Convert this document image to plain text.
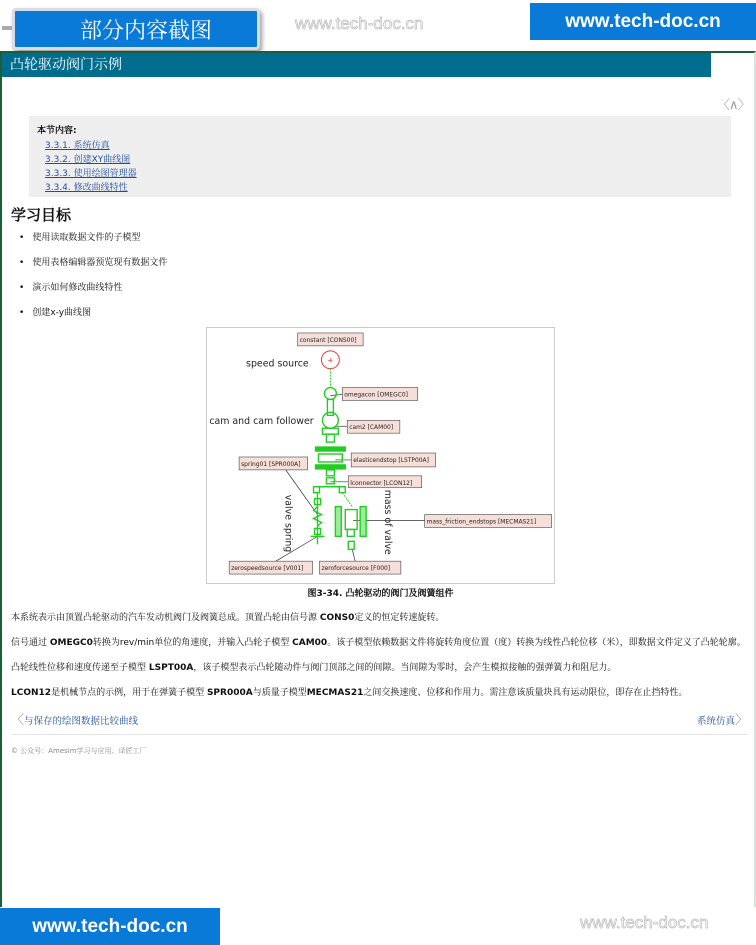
部分内容截图	www.tech-doc.cn	www.tech-doc.cn
凸轮驱动阀门示例
〈∧〉
本节内容:
3.3.1. 系统仿真
3.3.2. 创建XY曲线图
3.3.3. 使用绘图管理器
3.3.4. 修改曲线特性
学习目标
• 使用读取数据文件的子模型
• 使用表格编辑器预览现有数据文件
• 演示如何修改曲线特性
• 创建x-y曲线图
+
constant [CONS00]
omegacon [OMEGC0]
cam2 [CAM00]
elasticendstop [LSTP00A]
spring01 [SPR000A]
lconnector [LCON12]
mass_friction_endstops [MECMAS21]
zerospeedsource [V001]	zeroforcesource [F000]
speed source
cam and cam follower
valve spring	mass of valve
图3-34. 凸轮驱动的阀门及阀簧组件
本系统表示由顶置凸轮驱动的汽车发动机阀门及阀簧总成。顶置凸轮由信号源 CONS0定义的恒定转速旋转。
信号通过 OMEGC0转换为rev/min单位的角速度，并输入凸轮子模型 CAM00。该子模型依赖数据文件将旋转角度位置（度）转换为线性凸轮位移（米），即数据文件定义了凸轮轮廓。
凸轮线性位移和速度传递至子模型 LSPT00A，该子模型表示凸轮随动件与阀门顶部之间的间隙。当间隙为零时，会产生模拟接触的强弹簧力和阻尼力。
LCON12是机械节点的示例，用于在弹簧子模型 SPR000A与质量子模型MECMAS21之间交换速度、位移和作用力。需注意该质量块具有运动限位，即存在止挡特性。
〈与保存的绘图数据比较曲线	系统仿真〉
© 公众号：Amesim学习与应用、译匠工厂
www.tech-doc.cn	www.tech-doc.cn
